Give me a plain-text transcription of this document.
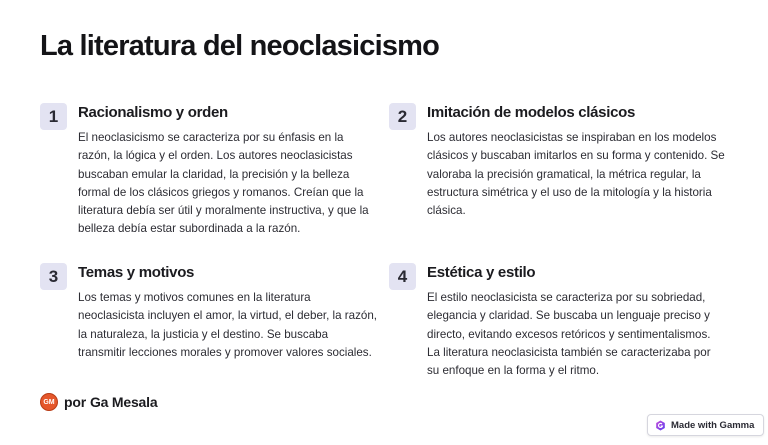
La literatura del neoclasicismo
1	Racionalismo y orden

El neoclasicismo se caracteriza por su énfasis en la razón, la lógica y el orden. Los autores neoclasicistas buscaban emular la claridad, la precisión y la belleza formal de los clásicos griegos y romanos. Creían que la literatura debía ser útil y moralmente instructiva, y que la belleza debía estar subordinada a la razón.

2	Imitación de modelos clásicos

Los autores neoclasicistas se inspiraban en los modelos clásicos y buscaban imitarlos en su forma y contenido. Se valoraba la precisión gramatical, la métrica regular, la estructura simétrica y el uso de la mitología y la historia clásica.

3	Temas y motivos

Los temas y motivos comunes en la literatura neoclasicista incluyen el amor, la virtud, el deber, la razón, la naturaleza, la justicia y el destino. Se buscaba transmitir lecciones morales y promover valores sociales.

4	Estética y estilo

El estilo neoclasicista se caracteriza por su sobriedad, elegancia y claridad. Se buscaba un lenguaje preciso y directo, evitando excesos retóricos y sentimentalismos. La literatura neoclasicista también se caracterizaba por su enfoque en la forma y el ritmo.

GM por Ga Mesala
Made with Gamma
